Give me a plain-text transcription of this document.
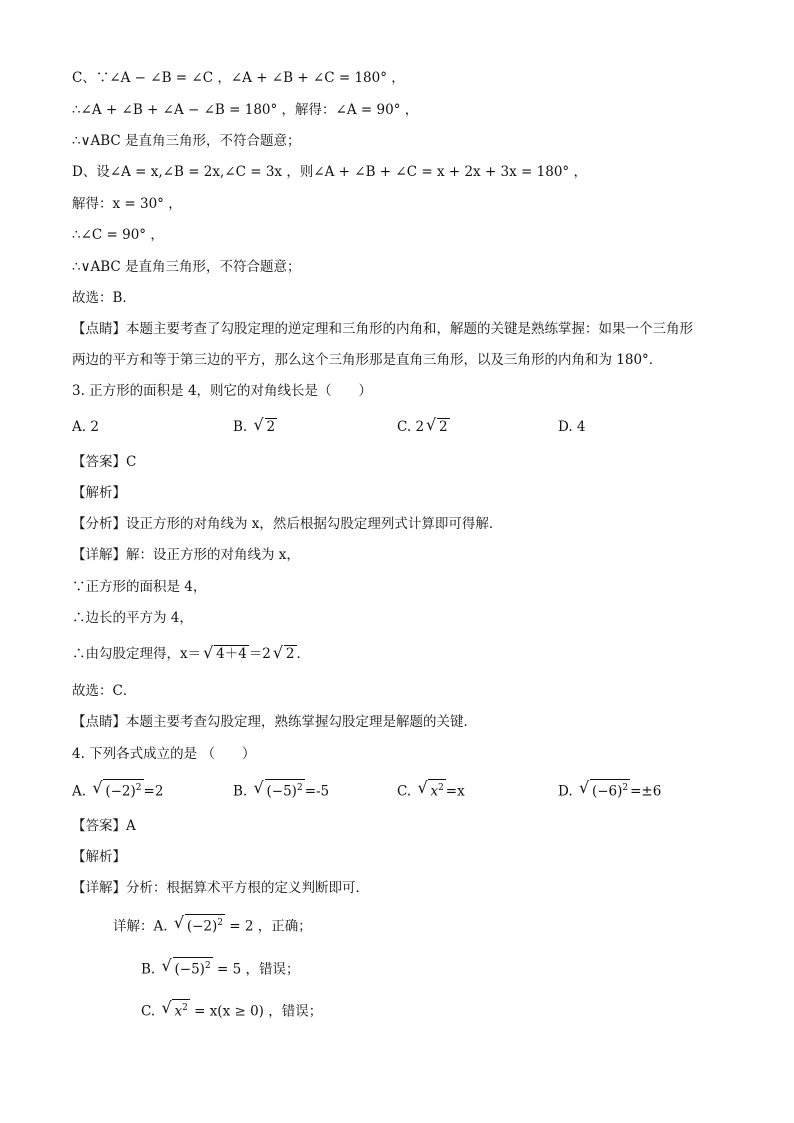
C、∵∠A − ∠B = ∠C ，∠A + ∠B + ∠C = 180° ，
∴∠A + ∠B + ∠A − ∠B = 180° ，解得：∠A = 90° ，
∴∨ABC 是直角三角形，不符合题意；
D、设∠A = x,∠B = 2x,∠C = 3x ，则∠A + ∠B + ∠C = x + 2x + 3x = 180° ，
解得：x = 30° ，
∴∠C = 90° ，
∴∨ABC 是直角三角形，不符合题意；
故选：B．
【点睛】本题主要考查了勾股定理的逆定理和三角形的内角和，解题的关键是熟练掌握：如果一个三角形
两边的平方和等于第三边的平方，那么这个三角形那是直角三角形，以及三角形的内角和为 180°．
3. 正方形的面积是 4，则它的对角线长是（　　）
A. 2	B. √ 2	C. 2 √ 2	D. 4
【答案】C
【解析】
【分析】设正方形的对角线为 x，然后根据勾股定理列式计算即可得解．
【详解】解：设正方形的对角线为 x，
∵正方形的面积是 4，
∴边长的平方为 4，
∴由勾股定理得，x＝ √ 4＋4 ＝2 √ 2 ．
故选：C．
【点睛】本题主要考查勾股定理，熟练掌握勾股定理是解题的关键．
4. 下列各式成立的是 （　　）
A. √ $(-2)^2 =2$	B. √ $(-5)^2 =-5$	C. √ $x^2 =x$	D. √ $(-6)^2 =\pm 6$
【答案】A
【解析】
【详解】分析：根据算术平方根的定义判断即可．
详解：A. √ $(-2)^2 = 2$ ，正确；
B. √ $(-5)^2 = 5$ ，错误；
C. √ $x^2 = x(x \ge 0)$ ，错误；
